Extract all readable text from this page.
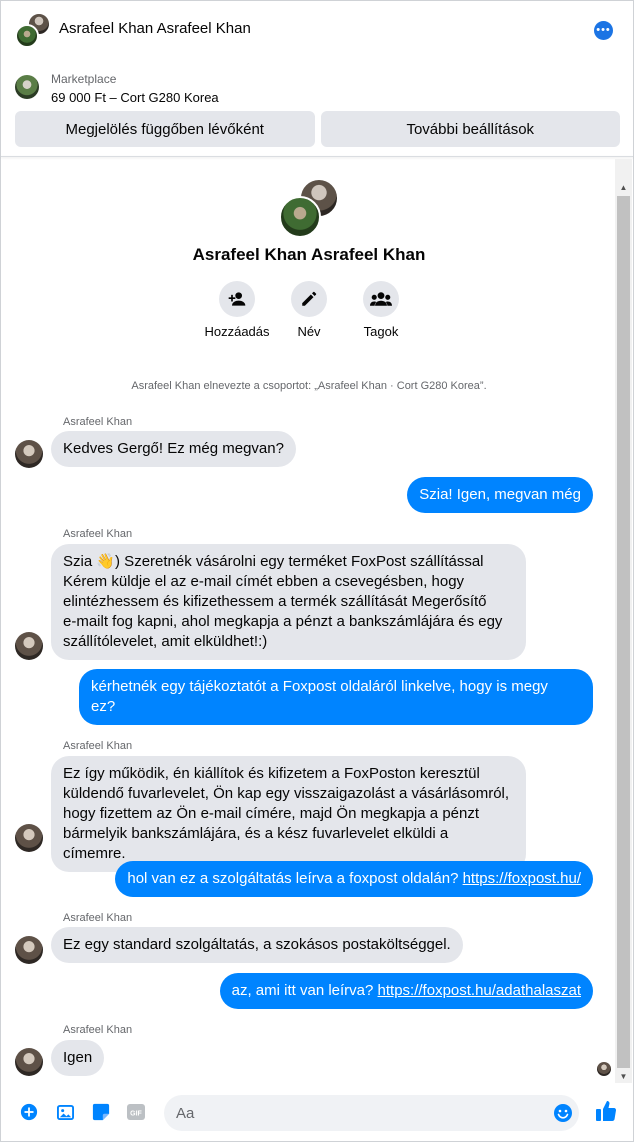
Asrafeel Khan Asrafeel Khan	•••
Marketplace
69 000 Ft – Cort G280 Korea
Megjelölés függőben lévőként	További beállítások
Asrafeel Khan Asrafeel Khan
Hozzáadás	Név	Tagok
Asrafeel Khan elnevezte a csoportot: „Asrafeel Khan · Cort G280 Korea”.
Asrafeel Khan
Kedves Gergő! Ez még megvan?
Szia! Igen, megvan még
Asrafeel Khan
Szia 👋) Szeretnék vásárolni egy terméket FoxPost szállítással
Kérem küldje el az e-mail címét ebben a csevegésben, hogy
elintézhessem és kifizethessem a termék szállítását Megerősítő
e-mailt fog kapni, ahol megkapja a pénzt a bankszámlájára és egy
szállítólevelet, amit elküldhet!:)
kérhetnék egy tájékoztatót a Foxpost oldaláról linkelve, hogy is megy
ez?
Asrafeel Khan
Ez így működik, én kiállítok és kifizetem a FoxPoston keresztül
küldendő fuvarlevelet, Ön kap egy visszaigazolást a vásárlásomról,
hogy fizettem az Ön e-mail címére, majd Ön megkapja a pénzt
bármelyik bankszámlájára, és a kész fuvarlevelet elküldi a címemre.
hol van ez a szolgáltatás leírva a foxpost oldalán? https://foxpost.hu/
Asrafeel Khan
Ez egy standard szolgáltatás, a szokásos postaköltséggel.
az, ami itt van leírva? https://foxpost.hu/adathalaszat
Asrafeel Khan
Igen
▲
▼
GIF
Aa
